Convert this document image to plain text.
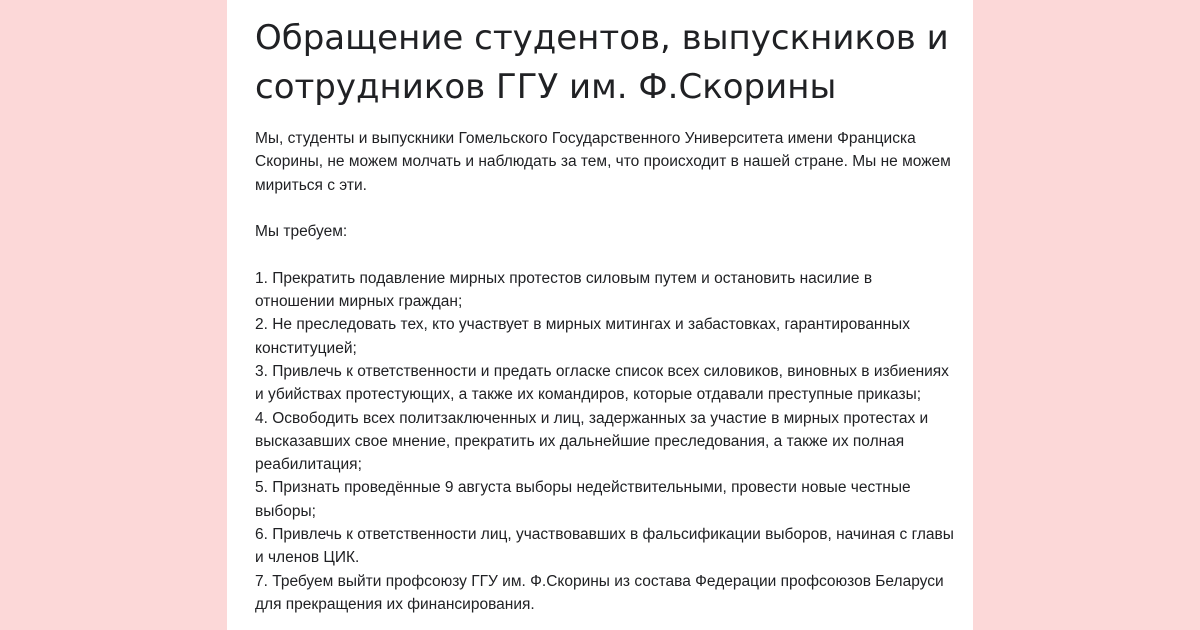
Обращение студентов, выпускников и сотрудников ГГУ им. Ф.Скорины
Мы, студенты и выпускники Гомельского Государственного Университета имени Франциска Скорины, не можем молчать и наблюдать за тем, что происходит в нашей стране. Мы не можем мириться с эти.

Мы требуем:

1. Прекратить подавление мирных протестов силовым путем и остановить насилие в отношении мирных граждан;
2. Не преследовать тех, кто участвует в мирных митингах и забастовках, гарантированных конституцией;
3. Привлечь к ответственности и предать огласке список всех силовиков, виновных в избиениях и убийствах протестующих, а также их командиров, которые отдавали преступные приказы;
4. Освободить всех политзаключенных и лиц, задержанных за участие в мирных протестах и высказавших свое мнение, прекратить их дальнейшие преследования, а также их полная реабилитация;
5. Признать проведённые 9 августа выборы недействительными, провести новые честные выборы;
6. Привлечь к ответственности лиц, участвовавших в фальсификации выборов, начиная с главы и членов ЦИК.
7. Требуем выйти профсоюзу ГГУ им. Ф.Скорины из состава Федерации профсоюзов Беларуси для прекращения их финансирования.
